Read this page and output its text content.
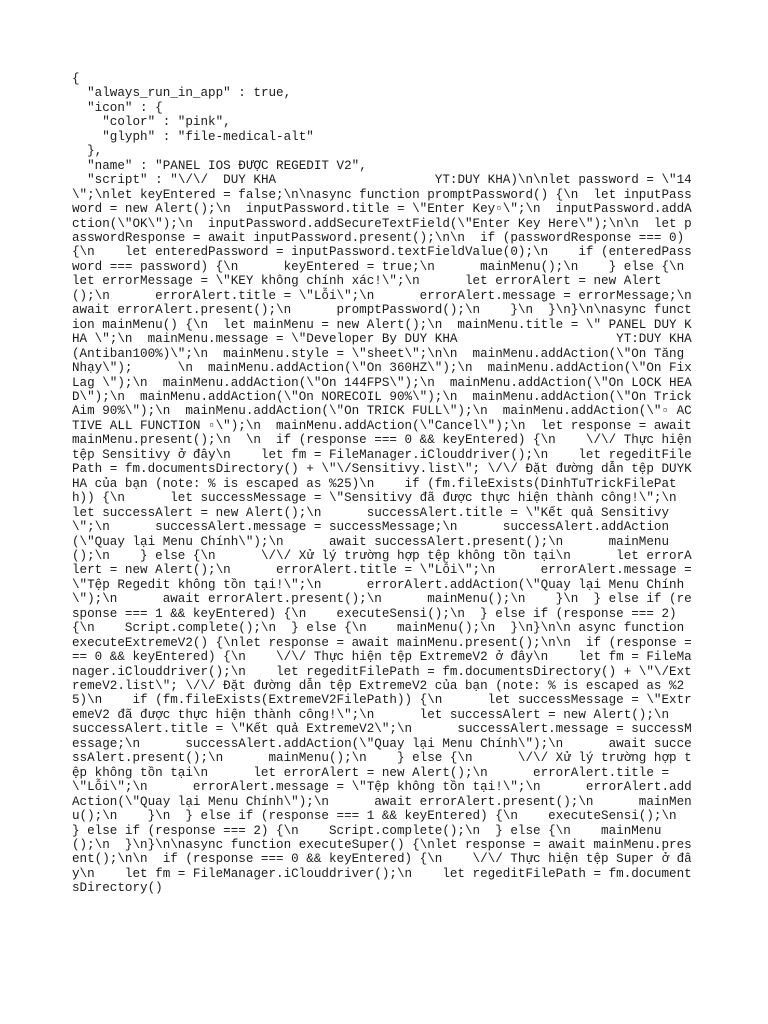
{
"always_run_in_app" : true,
"icon" : {
"color" : "pink",
"glyph" : "file-medical-alt"
},
"name" : "PANEL IOS ĐƯỢC REGEDIT V2",
"script" : "\/\/  DUY KHA                     YT:DUY KHA)\n\nlet password = \"14\";\nlet keyEntered = false;\n\nasync function promptPassword() {\n  let inputPassword = new Alert();\n  inputPassword.title = \"Enter Key▫\";\n  inputPassword.addAction(\"OK\");\n  inputPassword.addSecureTextField(\"Enter Key Here\");\n\n  let passwordResponse = await inputPassword.present();\n\n  if (passwordResponse === 0) {\n    let enteredPassword = inputPassword.textFieldValue(0);\n    if (enteredPassword === password) {\n      keyEntered = true;\n      mainMenu();\n    } else {\n      let errorMessage = \"KEY không chính xác!\";\n      let errorAlert = new Alert();\n      errorAlert.title = \"Lỗi\";\n      errorAlert.message = errorMessage;\n      await errorAlert.present();\n      promptPassword();\n    }\n  }\n}\n\nasync function mainMenu() {\n  let mainMenu = new Alert();\n  mainMenu.title = \" PANEL DUY KHA \";\n  mainMenu.message = \"Developer By DUY KHA                     YT:DUY KHA (Antiban100%)\";\n  mainMenu.style = \"sheet\";\n\n  mainMenu.addAction(\"On Tăng Nhạy\");      \n  mainMenu.addAction(\"On 360HZ\");\n  mainMenu.addAction(\"On Fix Lag \");\n  mainMenu.addAction(\"On 144FPS\");\n  mainMenu.addAction(\"On LOCK HEAD\");\n  mainMenu.addAction(\"On NORECOIL 90%\");\n  mainMenu.addAction(\"On Trick Aim 90%\");\n  mainMenu.addAction(\"On TRICK FULL\");\n  mainMenu.addAction(\"▫ ACTIVE ALL FUNCTION ▫\");\n  mainMenu.addAction(\"Cancel\");\n  let response = await mainMenu.present();\n  \n  if (response === 0 && keyEntered) {\n    \/\/ Thực hiện tệp Sensitivy ở đây\n    let fm = FileManager.iClouddriver();\n    let regeditFilePath = fm.documentsDirectory() + \"\/Sensitivy.list\"; \/\/ Đặt đường dẫn tệp DUYKHA của bạn (note: % is escaped as %25)\n    if (fm.fileExists(DinhTuTrickFilePath)) {\n      let successMessage = \"Sensitivy đã được thực hiện thành công!\";\n      let successAlert = new Alert();\n      successAlert.title = \"Kết quả Sensitivy\";\n      successAlert.message = successMessage;\n      successAlert.addAction(\"Quay lại Menu Chính\");\n      await successAlert.present();\n      mainMenu();\n    } else {\n      \/\/ Xử lý trường hợp tệp không tồn tại\n      let errorAlert = new Alert();\n      errorAlert.title = \"Lỗi\";\n      errorAlert.message = \"Tệp Regedit không tồn tại!\";\n      errorAlert.addAction(\"Quay lại Menu Chính\");\n      await errorAlert.present();\n      mainMenu();\n    }\n  } else if (response === 1 && keyEntered) {\n    executeSensi();\n  } else if (response === 2) {\n    Script.complete();\n  } else {\n    mainMenu();\n  }\n}\n\n async function executeExtremeV2() {\nlet response = await mainMenu.present();\n\n  if (response === 0 && keyEntered) {\n    \/\/ Thực hiện tệp ExtremeV2 ở đây\n    let fm = FileManager.iClouddriver();\n    let regeditFilePath = fm.documentsDirectory() + \"\/ExtremeV2.list\"; \/\/ Đặt đường dẫn tệp ExtremeV2 của bạn (note: % is escaped as %25)\n    if (fm.fileExists(ExtremeV2FilePath)) {\n      let successMessage = \"ExtremeV2 đã được thực hiện thành công!\";\n      let successAlert = new Alert();\n      successAlert.title = \"Kết quả ExtremeV2\";\n      successAlert.message = successMessage;\n      successAlert.addAction(\"Quay lại Menu Chính\");\n      await successAlert.present();\n      mainMenu();\n    } else {\n      \/\/ Xử lý trường hợp tệp không tồn tại\n      let errorAlert = new Alert();\n      errorAlert.title = \"Lỗi\";\n      errorAlert.message = \"Tệp không tồn tại!\";\n      errorAlert.addAction(\"Quay lại Menu Chính\");\n      await errorAlert.present();\n      mainMenu();\n    }\n  } else if (response === 1 && keyEntered) {\n    executeSensi();\n  } else if (response === 2) {\n    Script.complete();\n  } else {\n    mainMenu();\n  }\n}\n\nasync function executeSuper() {\nlet response = await mainMenu.present();\n\n  if (response === 0 && keyEntered) {\n    \/\/ Thực hiện tệp Super ở đây\n    let fm = FileManager.iClouddriver();\n    let regeditFilePath = fm.documentsDirectory()
